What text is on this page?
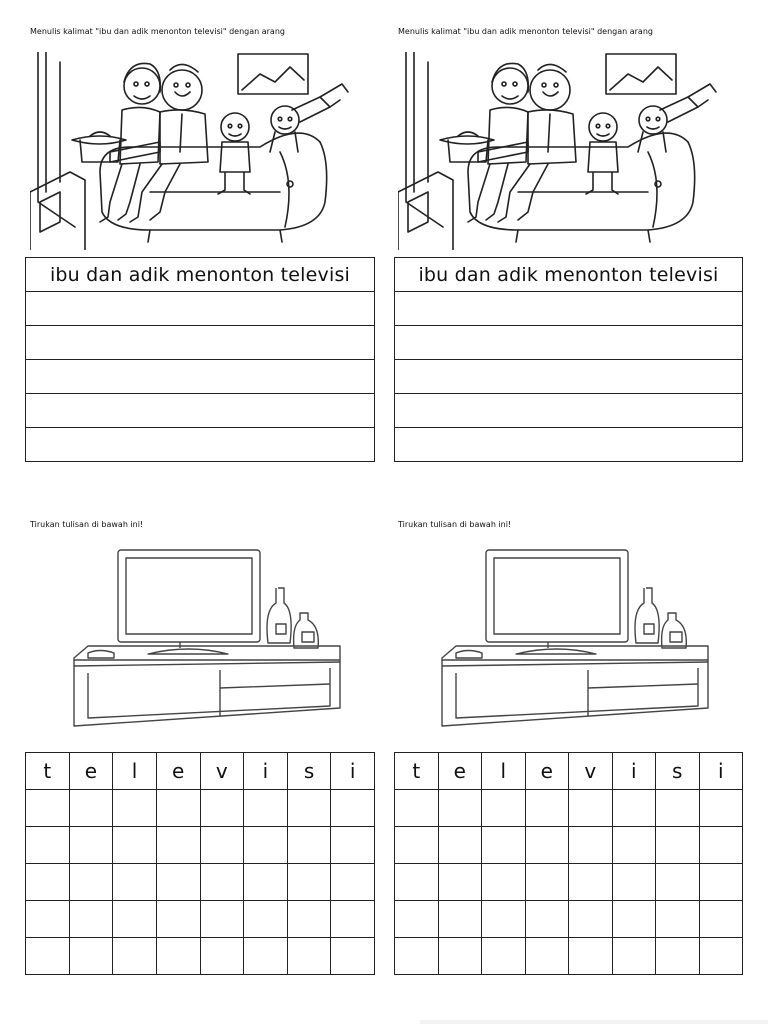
Menulis kalimat "ibu dan adik menonton televisi" dengan arang
ibu dan adik menonton televisi

Menulis kalimat "ibu dan adik menonton televisi" dengan arang
ibu dan adik menonton televisi

Tirukan tulisan di bawah ini!
t	e	l	e	v	i	s	i

Tirukan tulisan di bawah ini!
t	e	l	e	v	i	s	i
